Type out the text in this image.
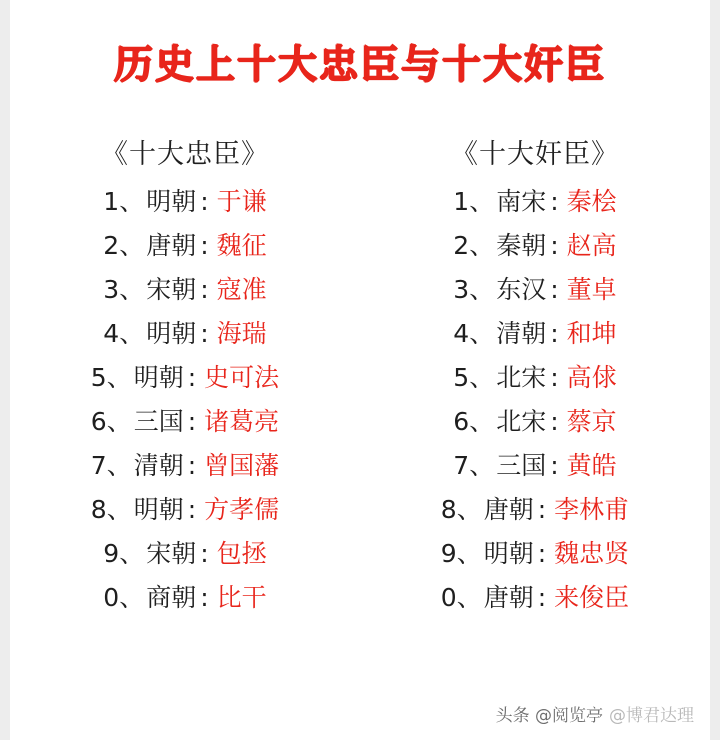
历史上十大忠臣与十大奸臣
《十大忠臣》
1 、 明朝 : 于谦
2 、 唐朝 : 魏征
3 、 宋朝 : 寇准
4 、 明朝 : 海瑞
5 、 明朝 : 史可法
6 、 三国 : 诸葛亮
7 、 清朝 : 曾国藩
8 、 明朝 : 方孝儒
9 、 宋朝 : 包拯
0 、 商朝 : 比干
《十大奸臣》
1 、 南宋 : 秦桧
2 、 秦朝 : 赵高
3 、 东汉 : 董卓
4 、 清朝 : 和坤
5 、 北宋 : 高俅
6 、 北宋 : 蔡京
7 、 三国 : 黄皓
8 、 唐朝 : 李林甫
9 、 明朝 : 魏忠贤
0 、 唐朝 : 来俊臣
头条 @阅览亭 @博君达理
